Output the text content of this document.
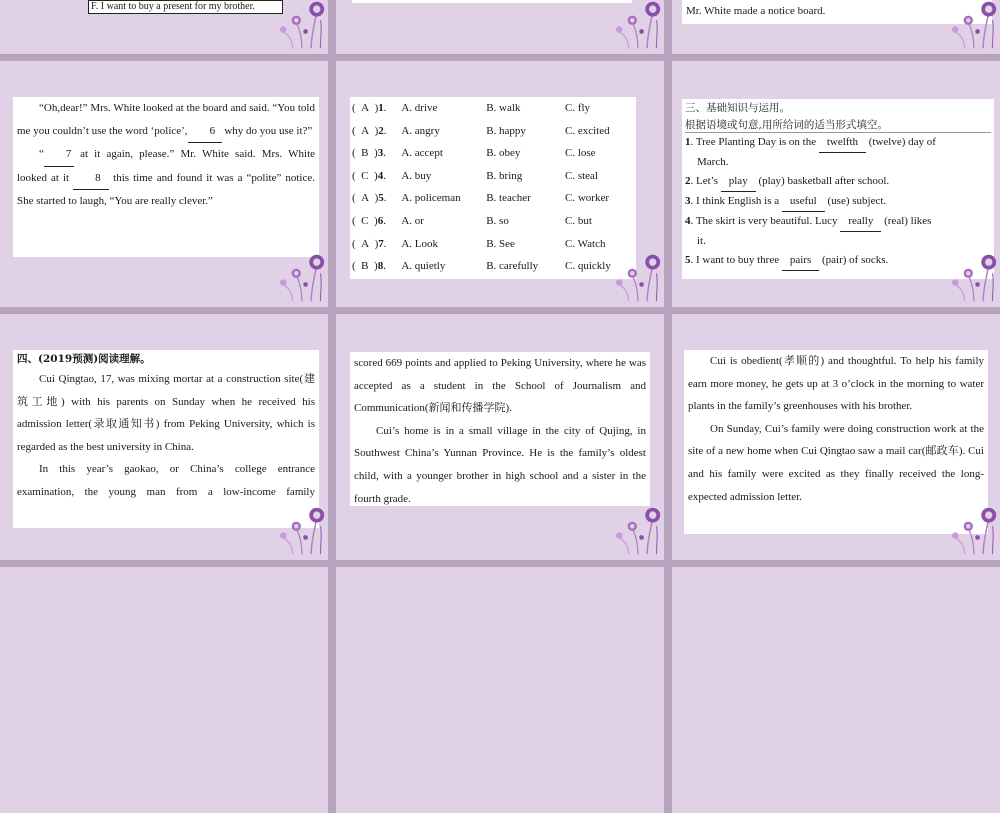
F. I want to buy a present for my brother.	Mr. White made a notice board.

“Oh,dear!” Mrs. White looked at the board and said. “You told me you couldn’t use the word ‘police’, 6 why do you use it?”

“ 7 at it again, please.” Mr. White said. Mrs. White looked at it 8 this time and found it was a “polite” notice. She started to laugh, “You are really clever.”

(  A  )1.	A. drive	B. walk	C. fly
(  A  )2.	A. angry	B. happy	C. excited
(  B  )3.	A. accept	B. obey	C. lose
(  C  )4.	A. buy	B. bring	C. steal
(  A  )5.	A. policeman	B. teacher	C. worker
(  C  )6.	A. or	B. so	C. but
(  A  )7.	A. Look	B. See	C. Watch
(  B  )8.	A. quietly	B. carefully	C. quickly
三、基础知识与运用。
根据语境或句意,用所给词的适当形式填空。
1. Tree Planting Day is on the twelfth (twelve) day of
March.
2. Let’s play (play) basketball after school.
3. I think English is a useful (use) subject.
4. The skirt is very beautiful. Lucy really (real) likes
it.
5. I want to buy three pairs (pair) of socks.
四、(2019预测)阅读理解。

Cui Qingtao, 17, was mixing mortar at a construction site(建筑工地) with his parents on Sunday when he received his admission letter(录取通知书) from Peking University, which is regarded as the best university in China.

In this year’s gaokao, or China’s college entrance examination, the young man from a low-income family

scored 669 points and applied to Peking University, where he was accepted as a student in the School of Journalism and Communication(新闻和传播学院).

Cui’s home is in a small village in the city of Qujing, in Southwest China’s Yunnan Province. He is the family’s oldest child, with a younger brother in high school and a sister in the fourth grade.

Cui is obedient(孝顺的) and thoughtful. To help his family earn more money, he gets up at 3 o’clock in the morning to water plants in the family’s greenhouses with his brother.

On Sunday, Cui’s family were doing construction work at the site of a new home when Cui Qingtao saw a mail car(邮政车). Cui and his family were excited as they finally received the long-expected admission letter.
